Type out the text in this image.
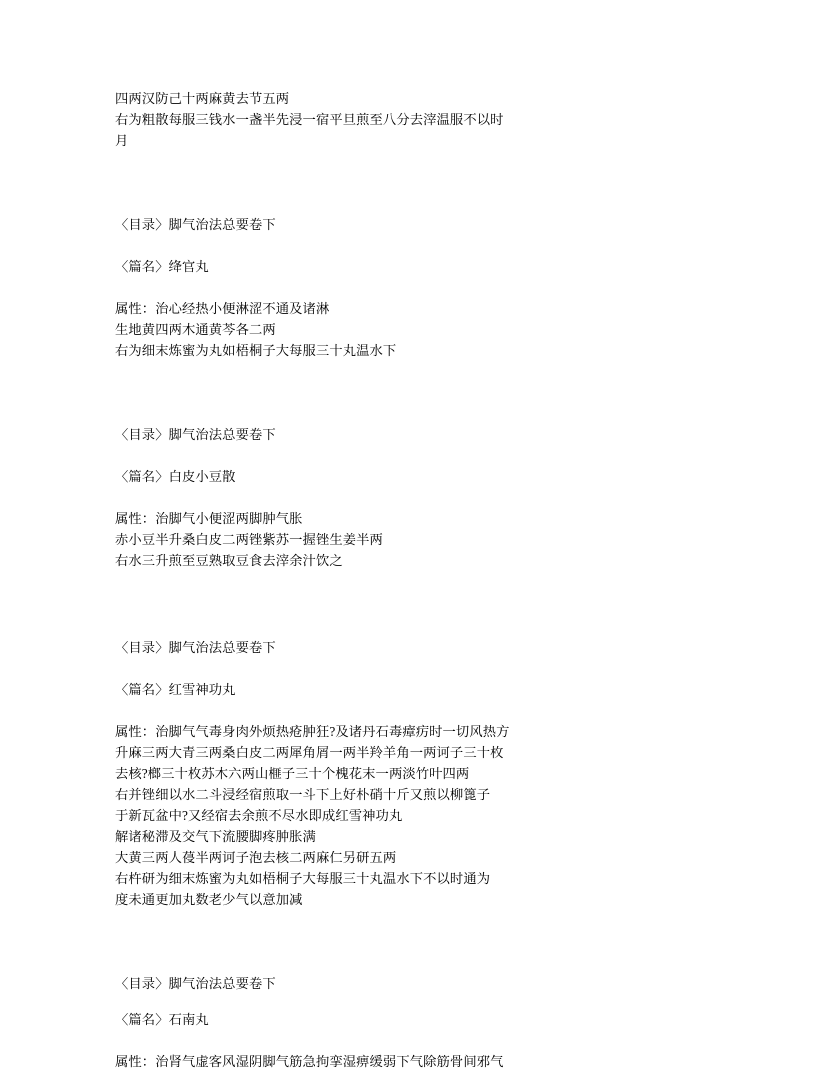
四两汉防己十两麻黄去节五两
右为粗散每服三钱水一盏半先浸一宿平旦煎至八分去滓温服不以时
月
〈目录〉脚气治法总要卷下
〈篇名〉绛官丸
属性：治心经热小便淋涩不通及诸淋
生地黄四两木通黄芩各二两
右为细末炼蜜为丸如梧桐子大每服三十丸温水下
〈目录〉脚气治法总要卷下
〈篇名〉白皮小豆散
属性：治脚气小便涩两脚肿气胀
赤小豆半升桑白皮二两锉紫苏一握锉生姜半两
右水三升煎至豆熟取豆食去滓余汁饮之
〈目录〉脚气治法总要卷下
〈篇名〉红雪神功丸
属性：治脚气气毒身肉外烦热疮肿狂?及诸丹石毒瘴疠时一切风热方
升麻三两大青三两桑白皮二两犀角屑一两半羚羊角一两诃子三十枚
去核?榔三十枚苏木六两山榧子三十个槐花末一两淡竹叶四两
右并锉细以水二斗浸经宿煎取一斗下上好朴硝十斤又煎以柳篦子
于新瓦盆中?又经宿去余煎不尽水即成红雪神功丸
解诸秘滞及交气下流腰脚疼肿胀满
大黄三两人葠半两诃子泡去核二两麻仁另研五两
右杵研为细末炼蜜为丸如梧桐子大每服三十丸温水下不以时通为
度未通更加丸数老少气以意加减
〈目录〉脚气治法总要卷下
〈篇名〉石南丸
属性：治肾气虚客风湿阴脚气筋急拘挛湿痹缓弱下气除筋骨间邪气
